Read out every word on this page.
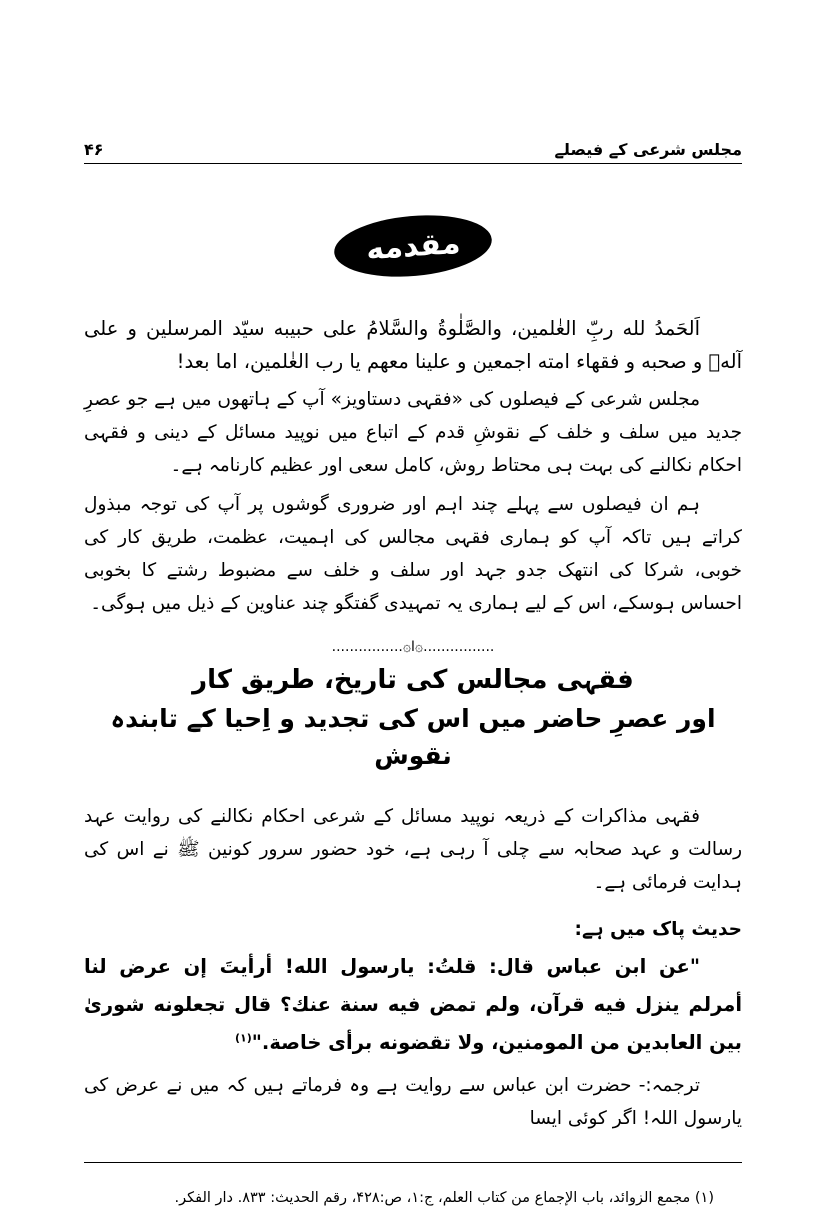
مجلس شرعی کے فیصلے
۴۶
مقدمه

اَلحَمدُ لله ربِّ الغٰلمین، والصَّلٰوةُ والسَّلامُ علی حبیبه سیّد المرسلین و علی آلهٖ و صحبه و فقهاء امته اجمعین و علینا معهم یا رب الغٰلمین، اما بعد!

مجلس شرعی کے فیصلوں کی «فقہی دستاویز» آپ کے ہاتھوں میں ہے جو عصرِ جدید میں سلف و خلف کے نقوشِ قدم کے اتباع میں نوپید مسائل کے دینی و فقہی احکام نکالنے کی بہت ہی محتاط روش، کامل سعی اور عظیم کارنامہ ہے۔

ہم ان فیصلوں سے پہلے چند اہم اور ضروری گوشوں پر آپ کی توجہ مبذول کراتے ہیں تاکہ آپ کو ہماری فقہی مجالس کی اہمیت، عظمت، طریق کار کی خوبی، شرکا کی انتھک جدو جہد اور سلف و خلف سے مضبوط رشتے کا بخوبی احساس ہوسکے، اس کے لیے ہماری یہ تمہیدی گفتگو چند عناوین کے ذیل میں ہوگی۔

................۞ا۞................
فقہی مجالس کی تاریخ، طریق کار
اور عصرِ حاضر میں اس کی تجدید و اِحیا کے تابندہ نقوش

فقہی مذاکرات کے ذریعہ نوپید مسائل کے شرعی احکام نکالنے کی روایت عہد رسالت و عہد صحابہ سے چلی آ رہی ہے، خود حضور سرور کونین ﷺ نے اس کی ہدایت فرمائی ہے۔

حدیث پاک میں ہے:

"عن ابن عباس قال: قلتُ: یارسول الله! أرأیتَ إن عرض لنا أمرلم ینزل فیه قرآن، ولم تمض فیه سنة عنك؟ قال تجعلونه شوریٰ بین العابدین من المومنین، ولا تقضونه برأی خاصة."$^{(۱)}$

ترجمہ:- حضرت ابن عباس سے روایت ہے وہ فرماتے ہیں کہ میں نے عرض کی یارسول اللہ! اگر کوئی ایسا

(۱) مجمع الزوائد، باب الإجماع من كتاب العلم، ج:۱، ص:۴۲۸، رقم الحديث: ۸۳۳. دار الفكر.
